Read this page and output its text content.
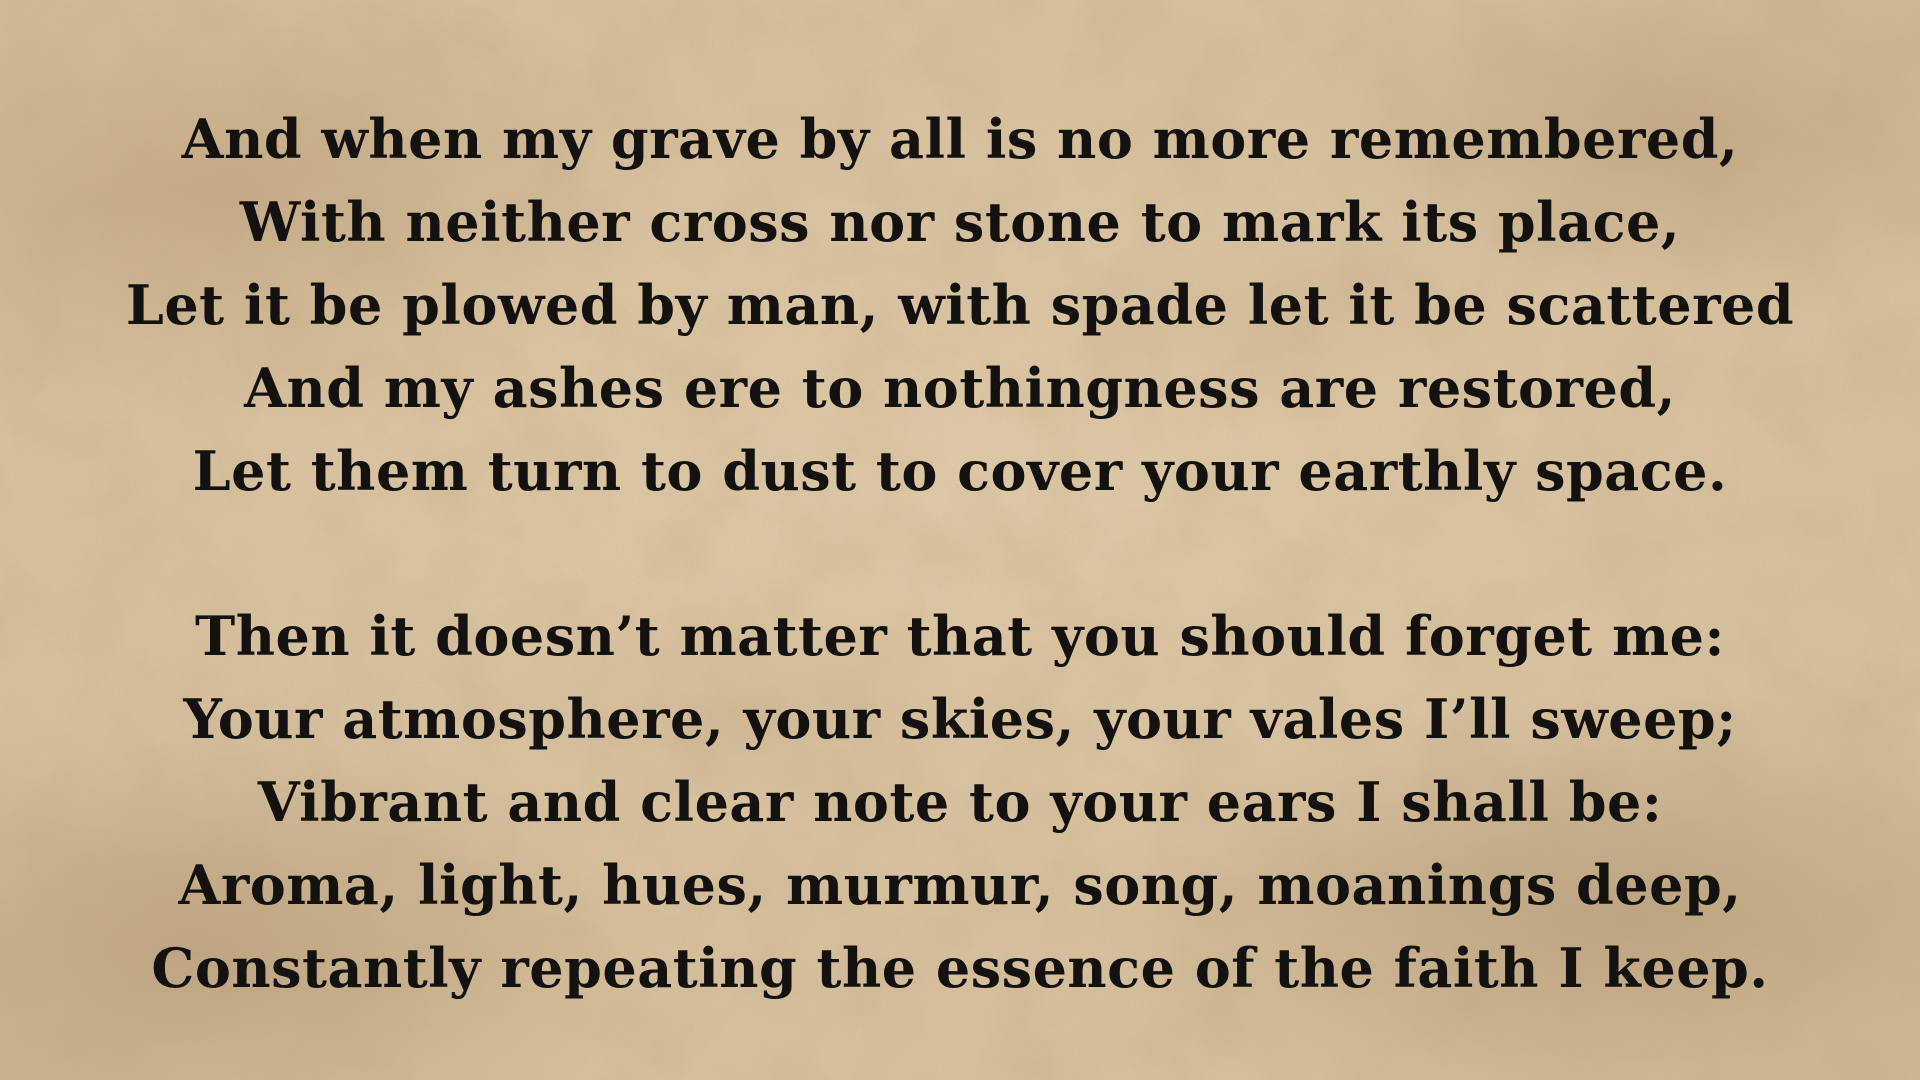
And when my grave by all is no more remembered,
With neither cross nor stone to mark its place,
Let it be plowed by man, with spade let it be scattered
And my ashes ere to nothingness are restored,
Let them turn to dust to cover your earthly space.
Then it doesn’t matter that you should forget me:
Your atmosphere, your skies, your vales I’ll sweep;
Vibrant and clear note to your ears I shall be:
Aroma, light, hues, murmur, song, moanings deep,
Constantly repeating the essence of the faith I keep.
